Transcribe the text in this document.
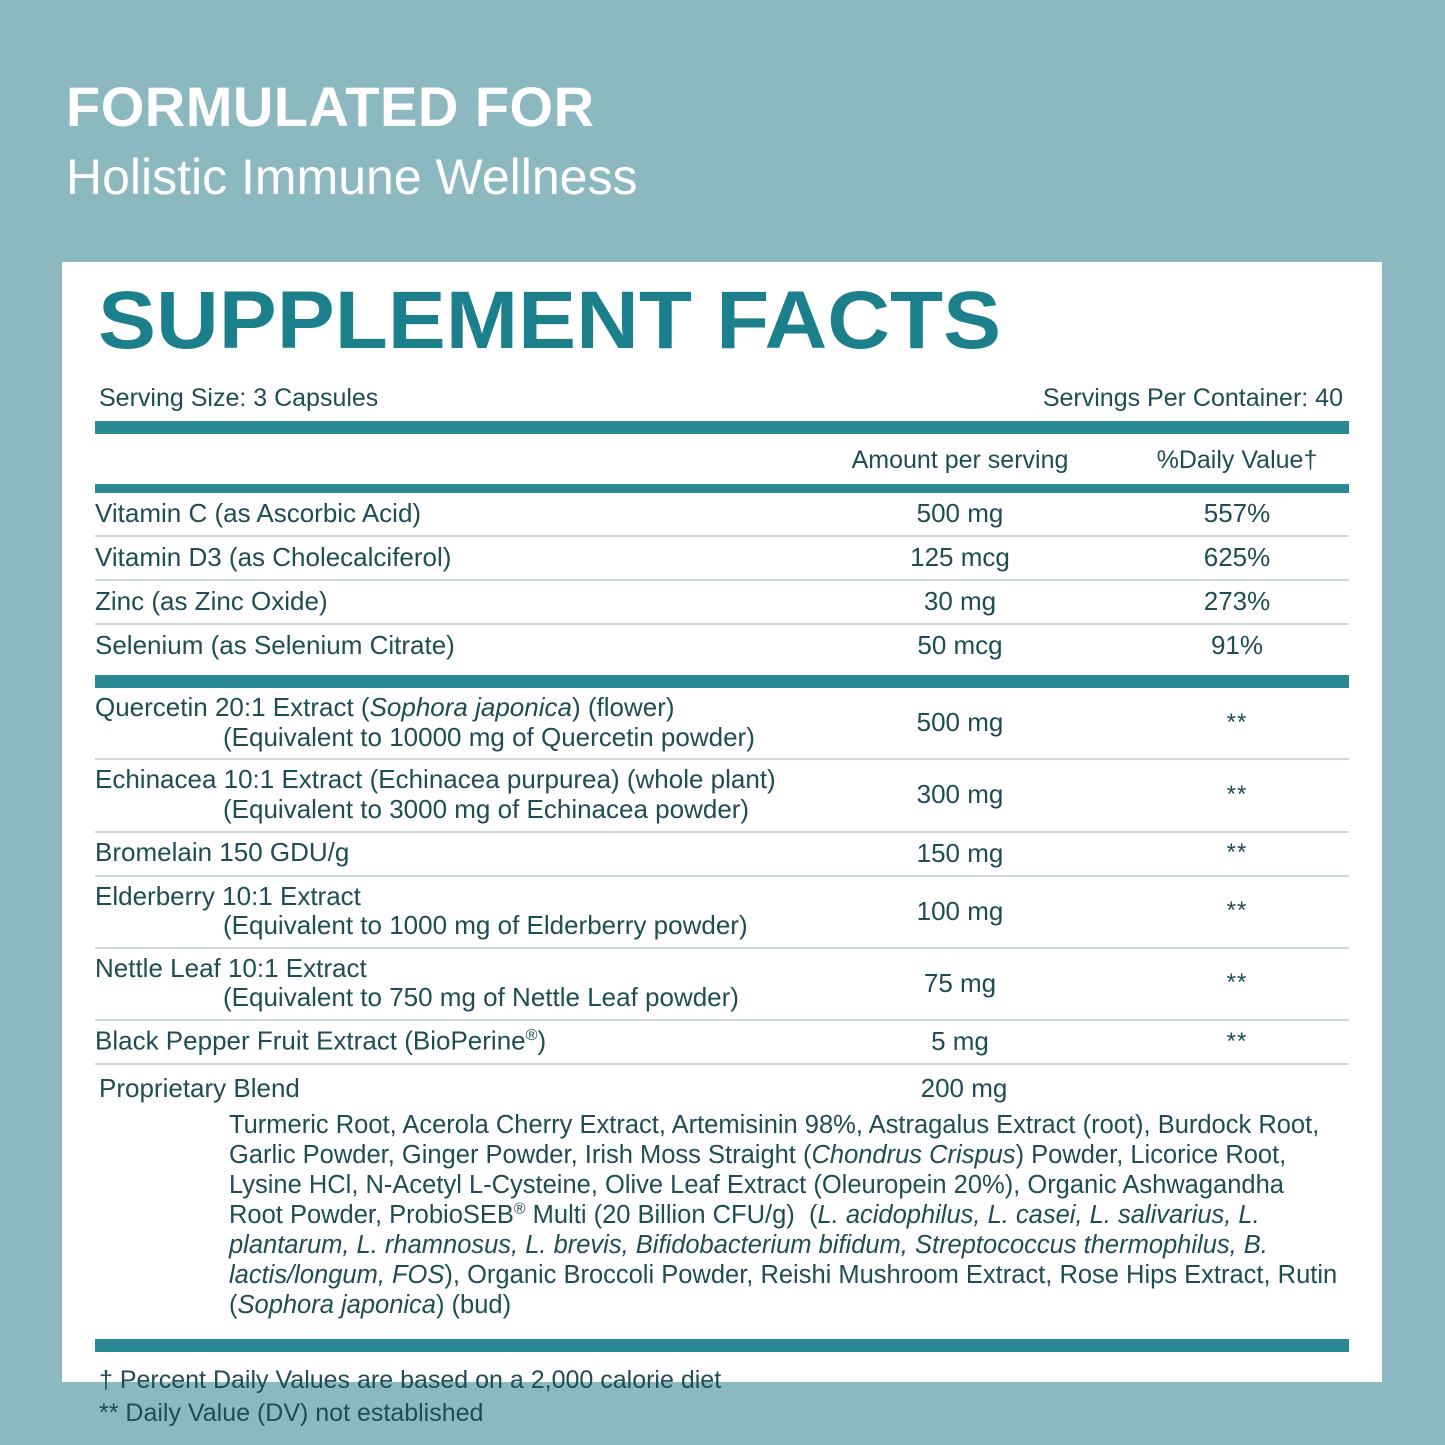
FORMULATED FOR
Holistic Immune Wellness
SUPPLEMENT FACTS
Serving Size: 3 Capsules	Servings Per Container: 40
Amount per serving	%Daily Value†
Vitamin C (as Ascorbic Acid)	500 mg	557%
Vitamin D3 (as Cholecalciferol)	125 mcg	625%
Zinc (as Zinc Oxide)	30 mg	273%
Selenium (as Selenium Citrate)	50 mcg	91%
Quercetin 20:1 Extract (Sophora japonica) (flower)
(Equivalent to 10000 mg of Quercetin powder)	500 mg	**
Echinacea 10:1 Extract (Echinacea purpurea) (whole plant)
(Equivalent to 3000 mg of Echinacea powder)	300 mg	**
Bromelain 150 GDU/g	150 mg	**
Elderberry 10:1 Extract
(Equivalent to 1000 mg of Elderberry powder)	100 mg	**
Nettle Leaf 10:1 Extract
(Equivalent to 750 mg of Nettle Leaf powder)	75 mg	**
Black Pepper Fruit Extract (BioPerine®)	5 mg	**
Proprietary Blend	200 mg
Turmeric Root, Acerola Cherry Extract, Artemisinin 98%, Astragalus Extract (root), Burdock Root, Garlic Powder, Ginger Powder, Irish Moss Straight (Chondrus Crispus) Powder, Licorice Root, Lysine HCl, N-Acetyl L-Cysteine, Olive Leaf Extract (Oleuropein 20%), Organic Ashwagandha Root Powder, ProbioSEB® Multi (20 Billion CFU/g)  (L. acidophilus, L. casei, L. salivarius, L. plantarum, L. rhamnosus, L. brevis, Bifidobacterium bifidum, Streptococcus thermophilus, B. lactis/longum, FOS), Organic Broccoli Powder, Reishi Mushroom Extract, Rose Hips Extract, Rutin (Sophora japonica) (bud)
† Percent Daily Values are based on a 2,000 calorie diet
** Daily Value (DV) not established
